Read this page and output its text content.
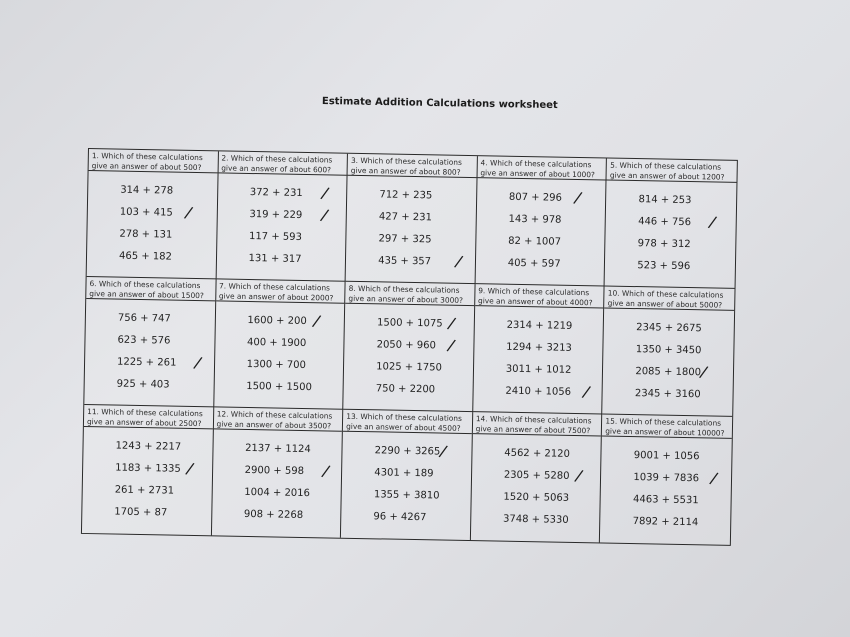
Estimate Addition Calculations worksheet
1. Which of these calculations
give an answer of about 500?
314 + 278
103 + 415 /
278 + 131
465 + 182
2. Which of these calculations
give an answer of about 600?
372 + 231 /
319 + 229 /
117 + 593
131 + 317
3. Which of these calculations
give an answer of about 800?
712 + 235
427 + 231
297 + 325
435 + 357 /
4. Which of these calculations
give an answer of about 1000?
807 + 296 /
143 + 978
82 + 1007
405 + 597
5. Which of these calculations
give an answer of about 1200?
814 + 253
446 + 756 /
978 + 312
523 + 596
6. Which of these calculations
give an answer of about 1500?
756 + 747
623 + 576
1225 + 261 /
925 + 403
7. Which of these calculations
give an answer of about 2000?
1600 + 200 /
400 + 1900
1300 + 700
1500 + 1500
8. Which of these calculations
give an answer of about 3000?
1500 + 1075 /
2050 + 960 /
1025 + 1750
750 + 2200
9. Which of these calculations
give an answer of about 4000?
2314 + 1219
1294 + 3213
3011 + 1012
2410 + 1056 /
10. Which of these calculations
give an answer of about 5000?
2345 + 2675
1350 + 3450
2085 + 1800
/
2345 + 3160
11. Which of these calculations
give an answer of about 2500?
1243 + 2217
1183 + 1335 /
261 + 2731
1705 + 87
12. Which of these calculations
give an answer of about 3500?
2137 + 1124
2900 + 598 /
1004 + 2016
908 + 2268
13. Which of these calculations
give an answer of about 4500?
2290 + 3265
/
4301 + 189
1355 + 3810
96 + 4267
14. Which of these calculations
give an answer of about 7500?
4562 + 2120
2305 + 5280 /
1520 + 5063
3748 + 5330
15. Which of these calculations
give an answer of about 10000?
9001 + 1056
1039 + 7836 /
4463 + 5531
7892 + 2114
